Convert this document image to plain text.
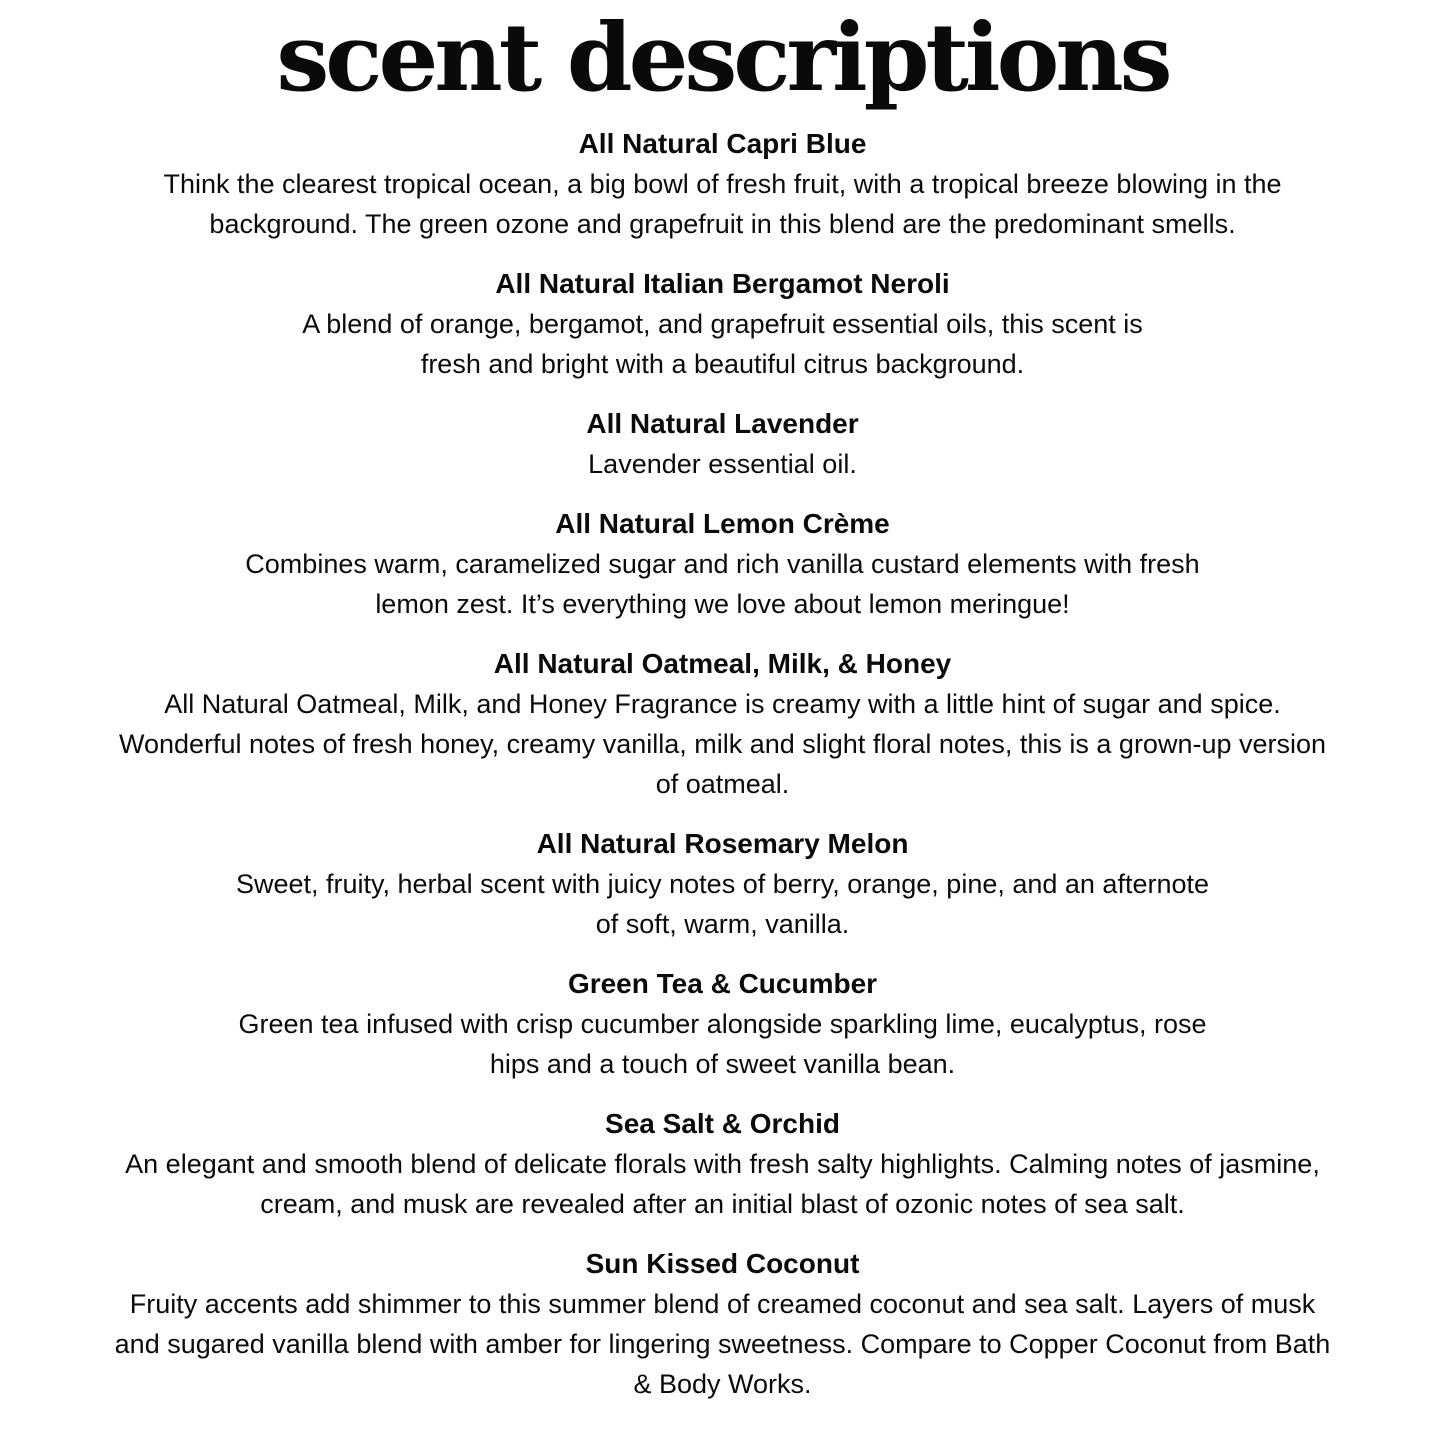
scent descriptions

All Natural Capri Blue

Think the clearest tropical ocean, a big bowl of fresh fruit, with a tropical breeze blowing in the
background. The green ozone and grapefruit in this blend are the predominant smells.

All Natural Italian Bergamot Neroli

A blend of orange, bergamot, and grapefruit essential oils, this scent is
fresh and bright with a beautiful citrus background.

All Natural Lavender

Lavender essential oil.

All Natural Lemon Crème

Combines warm, caramelized sugar and rich vanilla custard elements with fresh
lemon zest. It’s everything we love about lemon meringue!

All Natural Oatmeal, Milk, & Honey

All Natural Oatmeal, Milk, and Honey Fragrance is creamy with a little hint of sugar and spice.
Wonderful notes of fresh honey, creamy vanilla, milk and slight floral notes, this is a grown-up version
of oatmeal.

All Natural Rosemary Melon

Sweet, fruity, herbal scent with juicy notes of berry, orange, pine, and an afternote
of soft, warm, vanilla.

Green Tea & Cucumber

Green tea infused with crisp cucumber alongside sparkling lime, eucalyptus, rose
hips and a touch of sweet vanilla bean.

Sea Salt & Orchid

An elegant and smooth blend of delicate florals with fresh salty highlights. Calming notes of jasmine,
cream, and musk are revealed after an initial blast of ozonic notes of sea salt.

Sun Kissed Coconut

Fruity accents add shimmer to this summer blend of creamed coconut and sea salt. Layers of musk
and sugared vanilla blend with amber for lingering sweetness. Compare to Copper Coconut from Bath
& Body Works.
